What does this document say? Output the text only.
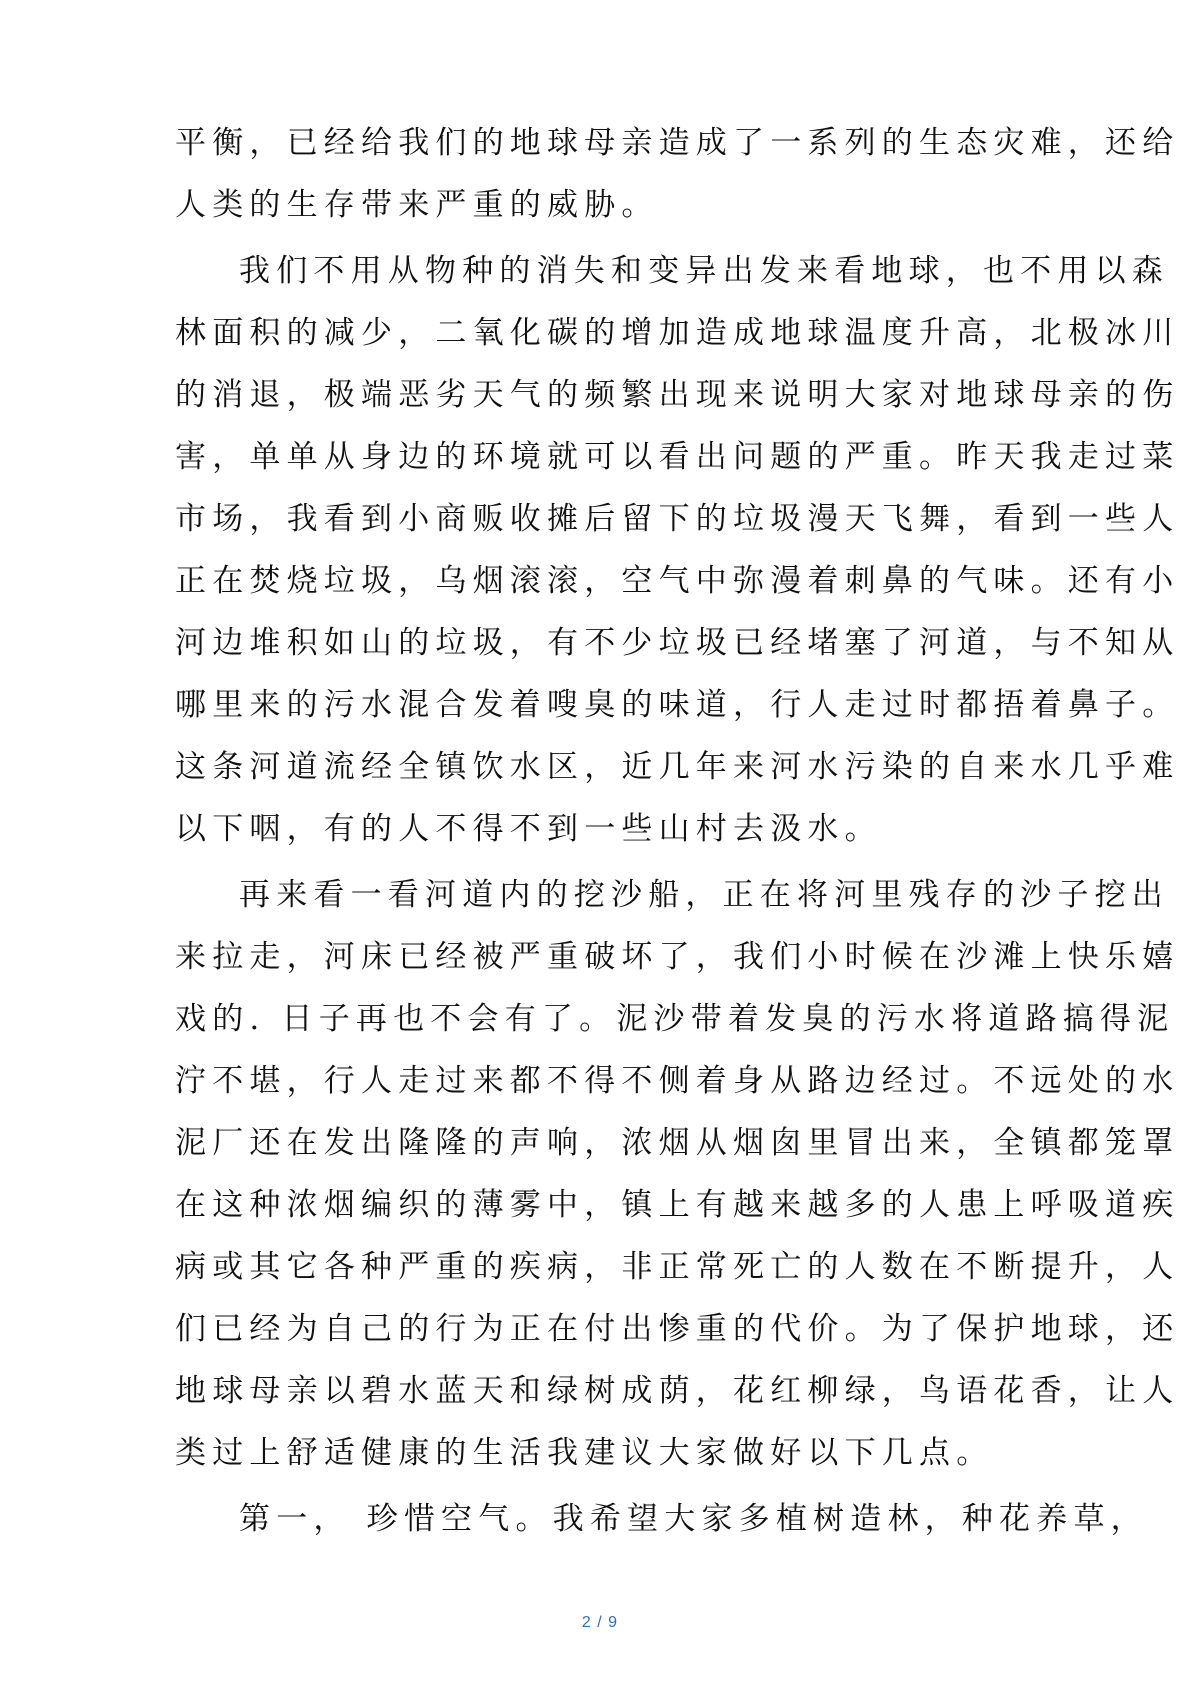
平衡，已经给我们的地球母亲造成了一系列的生态灾难，还给
人类的生存带来严重的威胁。
我们不用从物种的消失和变异出发来看地球，也不用以森
林面积的减少，二氧化碳的增加造成地球温度升高，北极冰川
的消退，极端恶劣天气的频繁出现来说明大家对地球母亲的伤
害，单单从身边的环境就可以看出问题的严重。昨天我走过菜
市场，我看到小商贩收摊后留下的垃圾漫天飞舞，看到一些人
正在焚烧垃圾，乌烟滚滚，空气中弥漫着刺鼻的气味。还有小
河边堆积如山的垃圾，有不少垃圾已经堵塞了河道，与不知从
哪里来的污水混合发着嗖臭的味道，行人走过时都捂着鼻子。
这条河道流经全镇饮水区，近几年来河水污染的自来水几乎难
以下咽，有的人不得不到一些山村去汲水。
再来看一看河道内的挖沙船，正在将河里残存的沙子挖出
来拉走，河床已经被严重破坏了，我们小时候在沙滩上快乐嬉
戏的. 日子再也不会有了。泥沙带着发臭的污水将道路搞得泥
泞不堪，行人走过来都不得不侧着身从路边经过。不远处的水
泥厂还在发出隆隆的声响，浓烟从烟囱里冒出来，全镇都笼罩
在这种浓烟编织的薄雾中，镇上有越来越多的人患上呼吸道疾
病或其它各种严重的疾病，非正常死亡的人数在不断提升，人
们已经为自己的行为正在付出惨重的代价。为了保护地球，还
地球母亲以碧水蓝天和绿树成荫，花红柳绿，鸟语花香，让人
类过上舒适健康的生活我建议大家做好以下几点。
第一， 珍惜空气。我希望大家多植树造林，种花养草，
2 / 9
